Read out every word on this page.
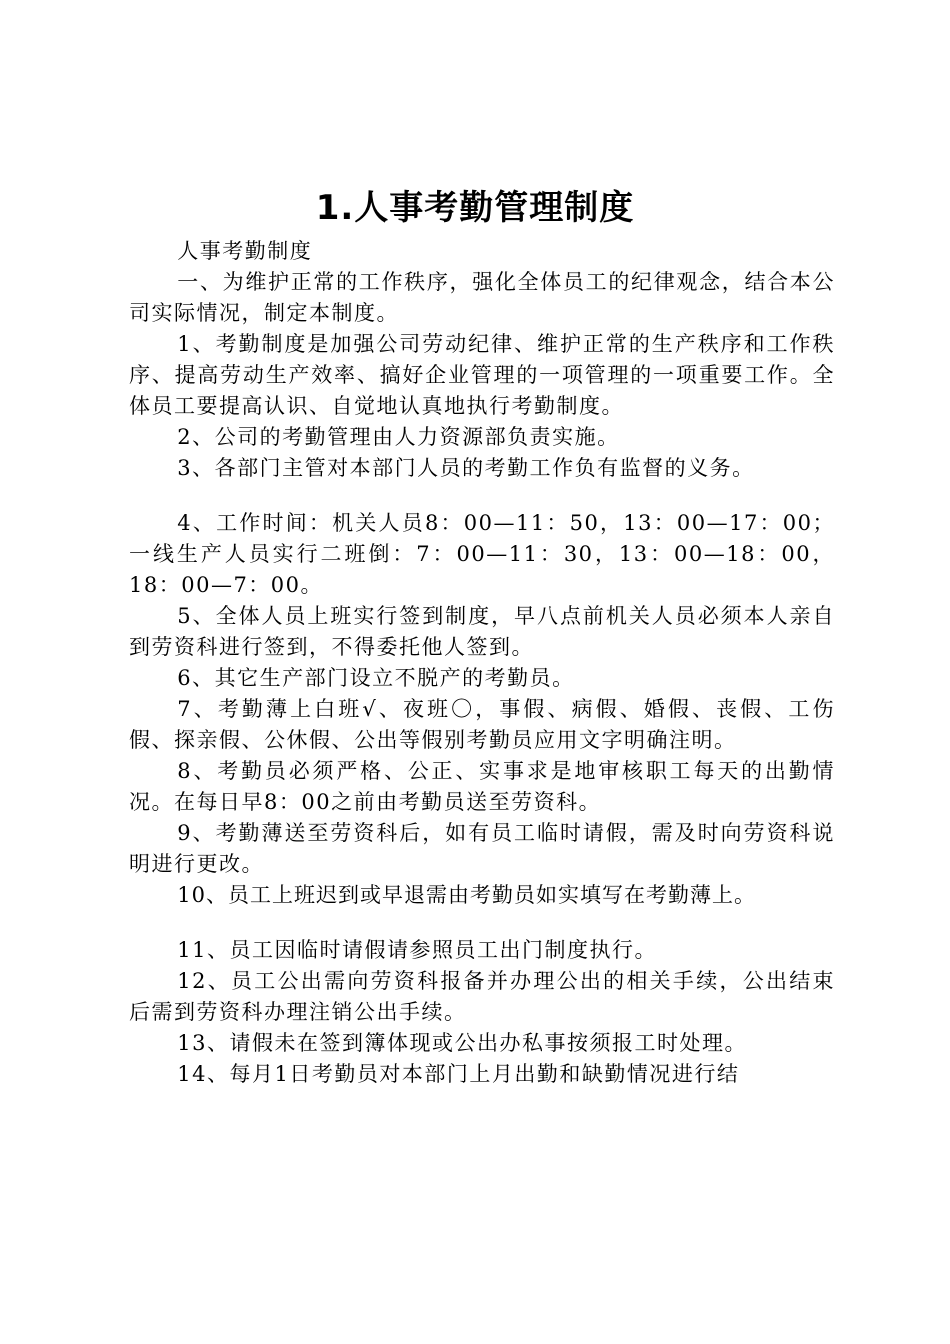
1.人事考勤管理制度

人事考勤制度

一、为维护正常的工作秩序，强化全体员工的纪律观念，结合本公司实际情况，制定本制度。

1、考勤制度是加强公司劳动纪律、维护正常的生产秩序和工作秩序、提高劳动生产效率、搞好企业管理的一项管理的一项重要工作。全体员工要提高认识、自觉地认真地执行考勤制度。

2、公司的考勤管理由人力资源部负责实施。

3、各部门主管对本部门人员的考勤工作负有监督的义务。

4、工作时间：机关人员8：00—11：50，13：00—17：00；一线生产人员实行二班倒：7：00—11：30，13：00—18：00，18：00—7：00。

5、全体人员上班实行签到制度，早八点前机关人员必须本人亲自到劳资科进行签到，不得委托他人签到。

6、其它生产部门设立不脱产的考勤员。

7、考勤薄上白班√、夜班〇，事假、病假、婚假、丧假、工伤假、探亲假、公休假、公出等假别考勤员应用文字明确注明。

8、考勤员必须严格、公正、实事求是地审核职工每天的出勤情况。在每日早8：00之前由考勤员送至劳资科。

9、考勤薄送至劳资科后，如有员工临时请假，需及时向劳资科说明进行更改。

10、员工上班迟到或早退需由考勤员如实填写在考勤薄上。

11、员工因临时请假请参照员工出门制度执行。

12、员工公出需向劳资科报备并办理公出的相关手续，公出结束后需到劳资科办理注销公出手续。

13、请假未在签到簿体现或公出办私事按须报工时处理。

14、每月1日考勤员对本部门上月出勤和缺勤情况进行结
